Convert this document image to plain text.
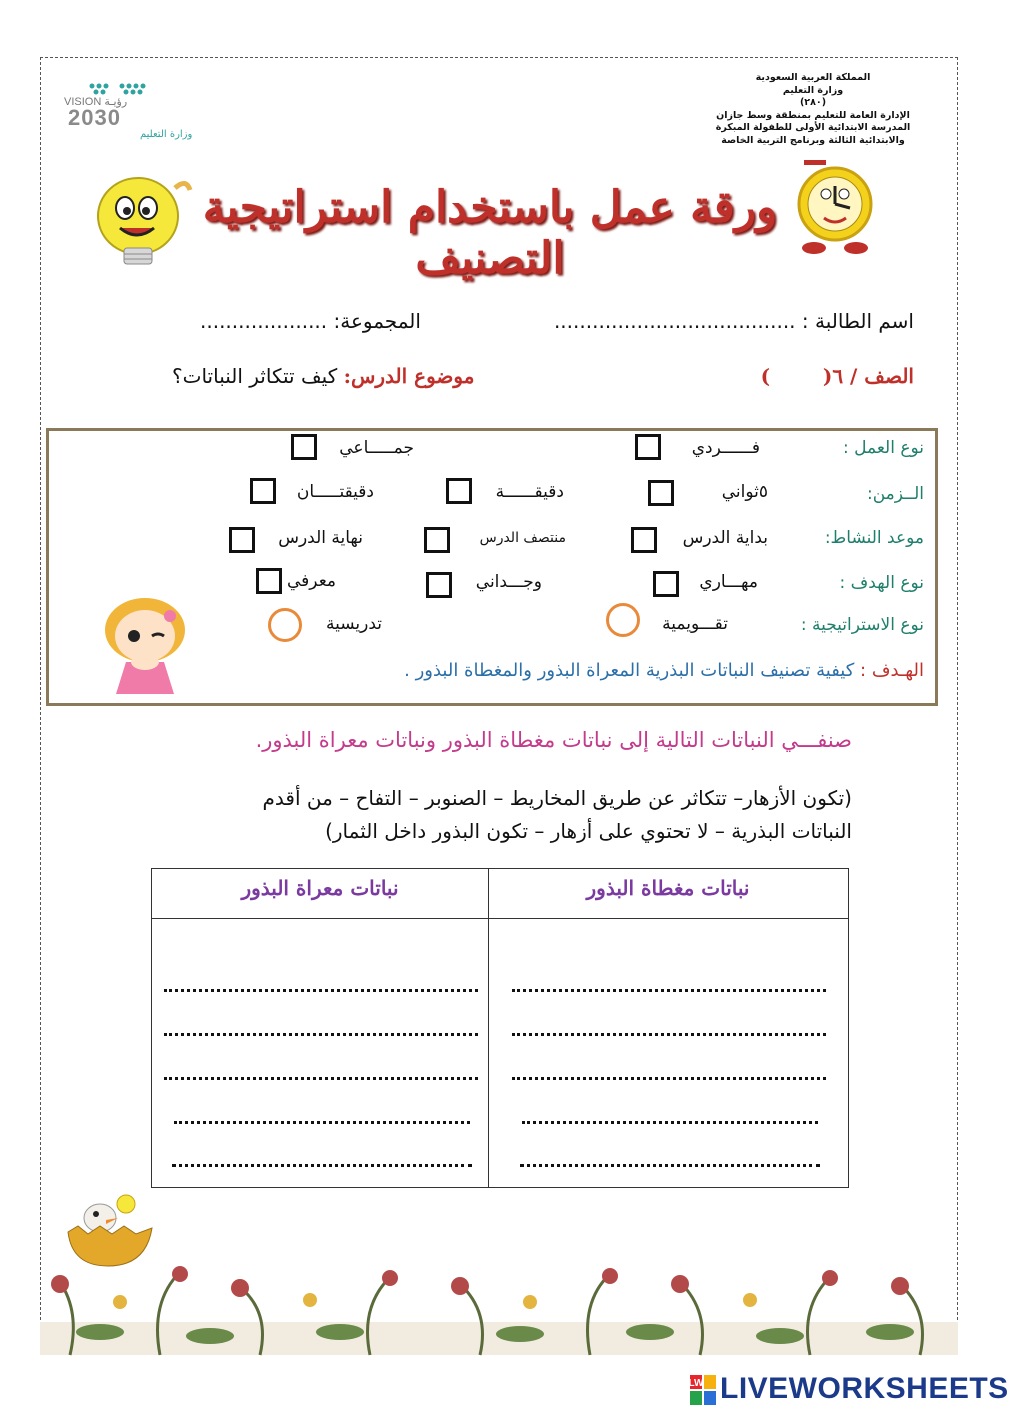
المملكة العربية السعودية
وزارة التعليم
(٢٨٠)
الإدارة العامة للتعليم بمنطقة وسط جازان
المدرسة الابتدائية الأولى للطفولة المبكرة
والابتدائية الثالثة وبرنامج التربية الخاصة
VISION رؤيـة
2030
وزارة التعليم
ورقة عمل باستخدام استراتيجية التصنيف
اسم الطالبة : ......................................
المجموعة: ....................
الصف / ٦(  )
موضوع الدرس: كيف تتكاثر النباتات؟
نوع العمل :
فــــــردي
جمـــــاعي
الــزمن:
٥ثواني
دقيقــــــة
دقيقتـــــان
موعد النشاط:
بداية الدرس
منتصف الدرس
نهاية الدرس
نوع الهدف :
مهـــاري
وجـــداني
معرفي
نوع الاستراتيجية :
تقـــويمية
تدريسية
الهـدف : كيفية تصنيف النباتات البذرية المعراة البذور والمغطاة البذور .
صنفـــي النباتات التالية إلى نباتات مغطاة البذور ونباتات معراة البذور.
(تكون الأزهار– تتكاثر عن طريق المخاريط – الصنوبر – التفاح – من أقدم
النباتات البذرية – لا تحتوي على أزهار – تكون البذور داخل الثمار)
نباتات مغطاة البذور
نباتات معراة البذور
LW LIVEWORKSHEETS
